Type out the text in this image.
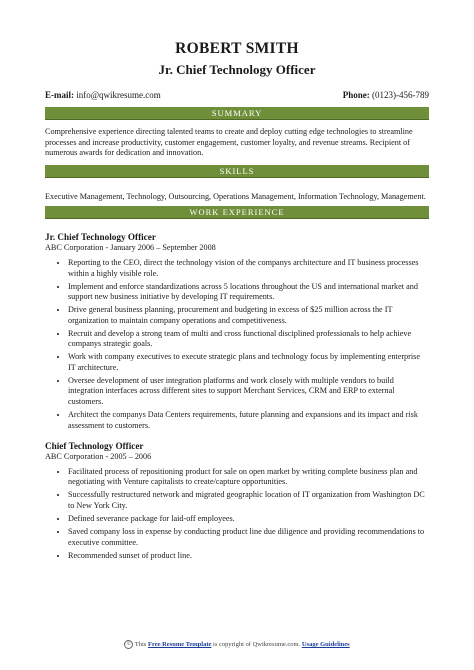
ROBERT SMITH
Jr. Chief Technology Officer
E-mail: info@qwikresume.com	Phone: (0123)-456-789
SUMMARY
Comprehensive experience directing talented teams to create and deploy cutting edge technologies to streamline processes and increase productivity, customer engagement, customer loyalty, and revenue streams. Recipient of numerous awards for dedication and innovation.
SKILLS
Executive Management, Technology, Outsourcing, Operations Management, Information Technology, Management.
WORK EXPERIENCE
Jr. Chief Technology Officer
ABC Corporation - January 2006 – September 2008
• Reporting to the CEO, direct the technology vision of the companys architecture and IT business processes within a highly visible role.
• Implement and enforce standardizations across 5 locations throughout the US and international market and support new business initiative by developing IT requirements.
• Drive general business planning, procurement and budgeting in excess of $25 million across the IT organization to maintain company operations and competitiveness.
• Recruit and develop a strong team of multi and cross functional disciplined professionals to help achieve companys strategic goals.
• Work with company executives to execute strategic plans and technology focus by implementing enterprise IT architecture.
• Oversee development of user integration platforms and work closely with multiple vendors to build integration interfaces across different sites to support Merchant Services, CRM and ERP to external customers.
• Architect the companys Data Centers requirements, future planning and expansions and its impact and risk assessment to customers.
Chief Technology Officer
ABC Corporation - 2005 – 2006
• Facilitated process of repositioning product for sale on open market by writing complete business plan and negotiating with Venture capitalists to create/capture opportunities.
• Successfully restructured network and migrated geographic location of IT organization from Washington DC to New York City.
• Defined severance package for laid-off employees.
• Saved company loss in expense by conducting product line due diligence and providing recommendations to executive committee.
• Recommended sunset of product line.
© This Free Resume Template is copyright of Qwikresume.com. Usage Guidelines
